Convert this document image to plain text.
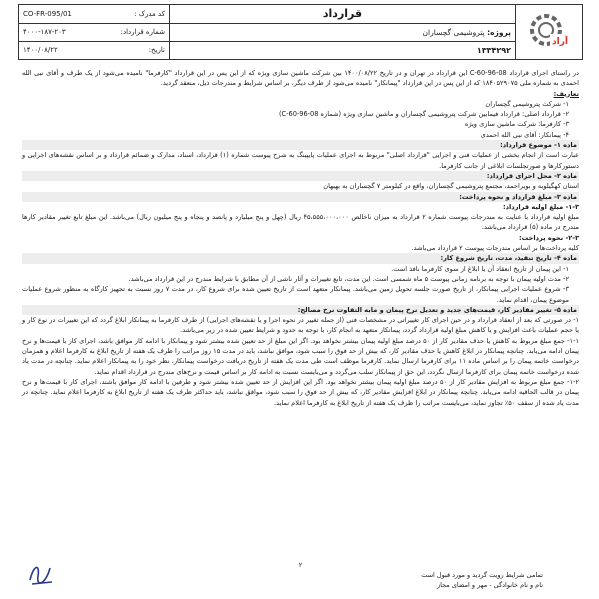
کد مدرک :
CO-FR-095/01
شماره قرارداد:
۴۰۰۰-۱۸۷-۲۰۳
تاریخ:
۱۴۰۰/۰۸/۲۲

قرارداد
پروژه: پتروشیمی گچساران
۱۳۳۴۲۹۲

آراد

در راستای اجرای قرارداد C-60-96-08 این قرارداد در تهران و در تاریخ ۱۴۰۰/۰۸/۲۲ بین شرکت ماشین سازی ویژه که از این پس در این قرارداد "کارفرما" نامیده می‌شود از یک طرف و آقای نبی الله احمدی به شماره ملی ۱۸۴۰۵۲۹۰۷۵ که از این پس در این قرارداد "پیمانکار" نامیده می‌شود از طرف دیگر، بر اساس شرایط و مندرجات ذیل، منعقد گردید.

تعاریف:

۱- شرکت پتروشیمی گچساران

۲- قرارداد اصلی: قرارداد فیمابین شرکت پتروشیمی گچساران و ماشین سازی ویژه (شماره C-60-96-08)

۳- کارفرما: شرکت ماشین سازی ویژه

۴- پیمانکار: آقای نبی الله احمدی

ماده ۱- موضوع قرارداد:

عبارت است از انجام بخشی از عملیات فنی و اجرایی "قرارداد اصلی" مربوط به اجرای عملیات پایپینگ به شرح پیوست شماره (۱) قرارداد، اسناد، مدارک و ضمائم قرارداد و بر اساس نقشه‌های اجرایی و دستورکارها و صورتجلسات ابلاغی از جانب کارفرما.

ماده ۲- محل اجرای قرارداد:

استان کهگیلویه و بویراحمد، مجتمع پتروشیمی گچساران، واقع در کیلومتر ۷ گچساران به بهبهان

ماده ۳- مبلغ قرارداد و نحوه پرداخت:

۱-۳- مبلغ اولیه قرارداد:

مبلغ اولیه قرارداد با عنایت به مندرجات پیوست شماره ۲ قرارداد به میزان ناخالص ۴۵،۵۵۵،۰۰۰،۰۰۰ ریال (چهل و پنج میلیارد و پانصد و پنجاه و پنج میلیون ریال) می‌باشد. این مبلغ تابع تغییر مقادیر کارها مندرج در ماده (۵) قرارداد می‌باشد.

۲-۳- نحوه پرداخت:

کلیه پرداخت‌ها بر اساس مندرجات پیوست ۲ قرارداد می‌باشد.

ماده ۴- تاریخ تنفیذ، مدت، تاریخ شروع کار:

۱- این پیمان از تاریخ انعقاد آن یا ابلاغ از سوی کارفرما نافذ است.

۲- مدت اولیه پیمان با توجه به برنامه زمانی پیوست ۵ ماه شمسی است. این مدت، تابع تغییرات و آثار ناشی از آن مطابق با شرایط مندرج در این قرارداد می‌باشد.

۳- شروع عملیات اجرایی پیمانکار، از تاریخ صورت جلسه تحویل زمین می‌باشد. پیمانکار متعهد است از تاریخ تعیین شده برای شروع کار، در مدت ۷ روز نسبت به تجهیز کارگاه به منظور شروع عملیات موضوع پیمان، اقدام نماید.

ماده ۵- تغییر مقادیر کار، قیمت‌های جدید و تعدیل نرخ پیمان و مابه التفاوت نرخ مصالح:

۱- در صورتی که بعد از انعقاد قرارداد و در حین اجرای کار تغییراتی در مشخصات فنی (از جمله تغییر در نحوه اجرا و یا نقشه‌های اجرایی) از طرف کارفرما به پیمانکار ابلاغ گردد که این تغییرات در نوع کار و یا حجم عملیات باعث افزایش و یا کاهش مبلغ اولیه قرارداد گردد، پیمانکار متعهد به انجام کار، با توجه به حدود و شرایط تعیین شده در زیر می‌باشد.

۱-۱- جمع مبلغ مربوط به کاهش یا حذف مقادیر کار از ۵۰ درصد مبلغ اولیه پیمان بیشتر نخواهد بود. اگر این مبلغ از حد تعیین شده بیشتر شود و پیمانکار با ادامه کار موافق باشد، اجرای کار با قیمت‌ها و نرخ پیمان ادامه می‌یابد. چنانچه پیمانکار در ابلاغ کاهش یا حذف مقادیر کار، که بیش از حد فوق را سبب شود، موافق نباشد، باید در مدت ۱۵ روز مراتب را ظرف یک هفته از تاریخ ابلاغ به کارفرما اعلام و همزمان درخواست خاتمه پیمان را بر اساس ماده ۱۱ برای کارفرما ارسال نماید. کارفرما موظف است طی مدت یک هفته از تاریخ دریافت درخواست پیمانکار، نظر خود را به پیمانکار اعلام نماید. چنانچه در مدت یاد شده درخواست خاتمه پیمان برای کارفرما ارسال نگردد، این حق از پیمانکار سلب می‌گردد و می‌بایست نسبت به ادامه کار بر اساس قیمت و نرخ‌های مندرج در قرارداد اقدام نماید.

۱-۲- جمع مبلغ مربوط به افزایش مقادیر کار از ۵۰ درصد مبلغ اولیه پیمان بیشتر نخواهد بود. اگر این افزایش از حد تعیین شده بیشتر شود و طرفین با ادامه کار موافق باشند، اجرای کار با قیمت‌ها و نرخ پیمان در قالب الحاقیه ادامه می‌یابد. چنانچه پیمانکار در ابلاغ افزایش مقادیر کار، که بیش از حد فوق را سبب شود، موافق نباشد، باید حداکثر ظرف یک هفته از تاریخ ابلاغ به کارفرما اعلام نماید. چنانچه در مدت یاد شده از سقف ۵۰٪ تجاوز نماید، می‌بایست مراتب را ظرف یک هفته از تاریخ ابلاغ به کارفرما اعلام نماید.

۲
تمامی شرایط رویت گردید و مورد قبول است
نام و نام خانوادگی - مهر و امضای مجاز
